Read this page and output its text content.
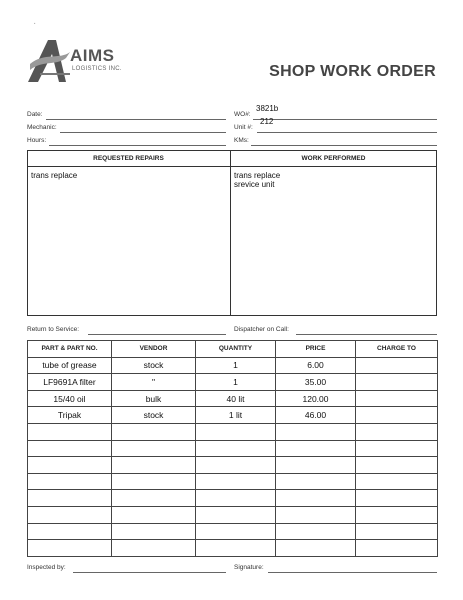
·
AIMS
LOGISTICS INC.	SHOP WORK ORDER
Date:
Mechanic:
Hours:
WO#:
3821b
Unit #:
212
KMs:
REQUESTED REPAIRS	WORK PERFORMED
trans replace	trans replace
srevice unit
Return to Service:	Dispatcher on Call:
PART & PART NO.	VENDOR	QUANTITY	PRICE	CHARGE TO
tube of grease	stock	1	6.00	
LF9691A filter	"	1	35.00	
15/40 oil	bulk	40 lit	120.00	
Tripak	stock	1 lit	46.00	

Inspected by:	Signature:
